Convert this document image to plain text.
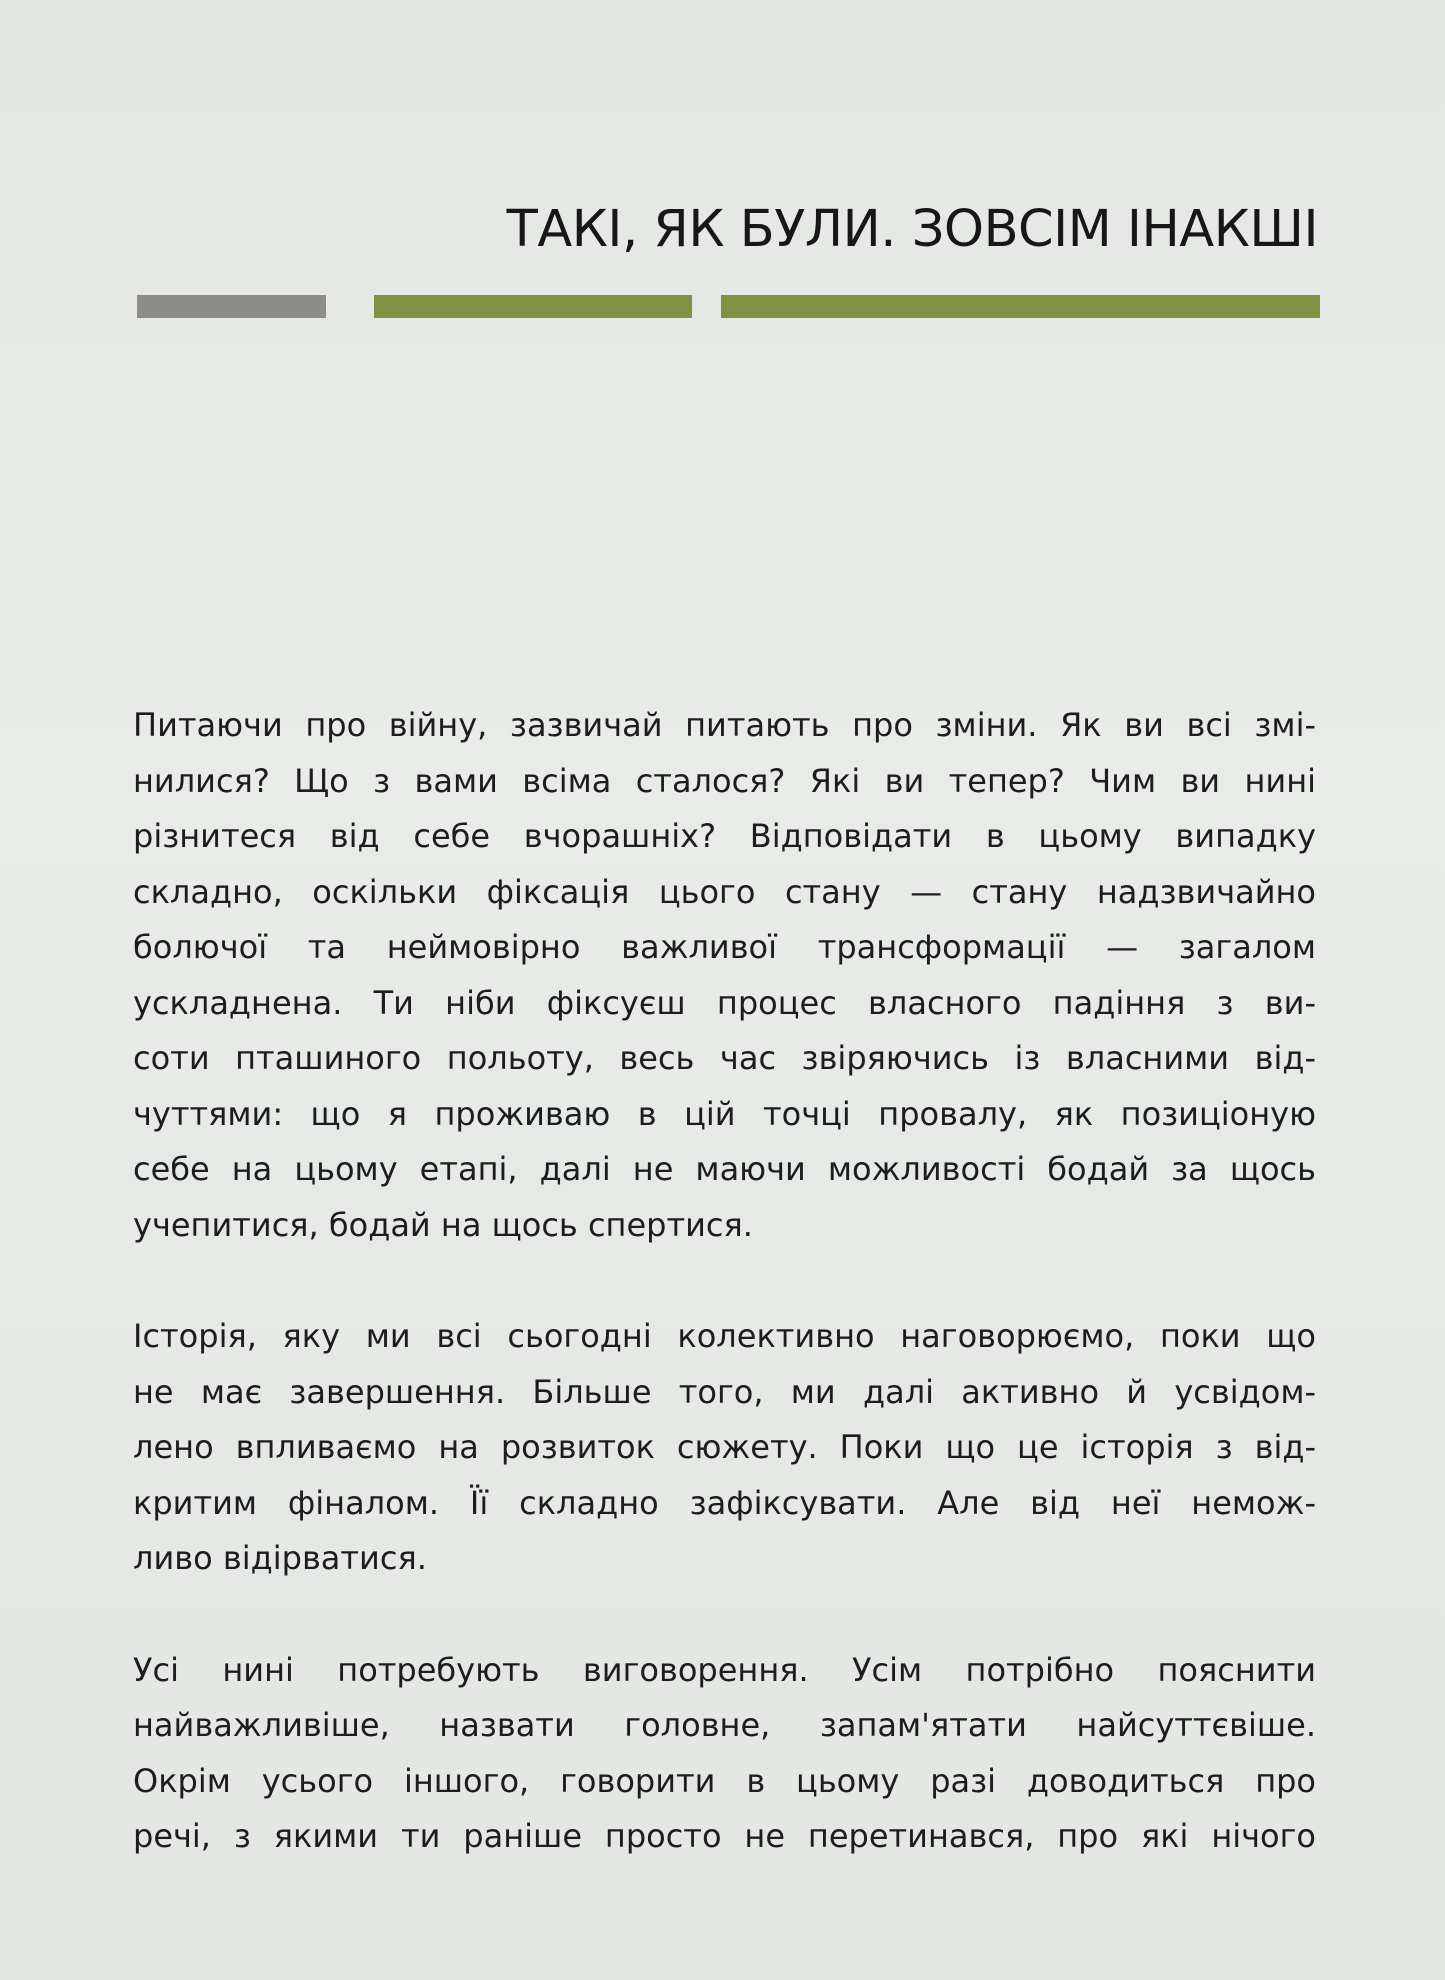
ТАКІ, ЯК БУЛИ. ЗОВСІМ ІНАКШІ

Питаючи про війну, зазвичай питають про зміни. Як ви всі змі-
нилися? Що з вами всіма сталося? Які ви тепер? Чим ви нині
різнитеся від себе вчорашніх? Відповідати в цьому випадку
складно, оскільки фіксація цього стану — стану надзвичайно
болючої та неймовірно важливої трансформації — загалом
ускладнена. Ти ніби фіксуєш процес власного падіння з ви-
соти пташиного польоту, весь час звіряючись із власними від-
чуттями: що я проживаю в цій точці провалу, як позиціоную
себе на цьому етапі, далі не маючи можливості бодай за щось
учепитися, бодай на щось спертися.

Історія, яку ми всі сьогодні колективно наговорюємо, поки що
не має завершення. Більше того, ми далі активно й усвідом-
лено впливаємо на розвиток сюжету. Поки що це історія з від-
критим фіналом. Її складно зафіксувати. Але від неї немож-
ливо відірватися.

Усі нині потребують виговорення. Усім потрібно пояснити
найважливіше, назвати головне, запам'ятати найсуттєвіше.
Окрім усього іншого, говорити в цьому разі доводиться про
речі, з якими ти раніше просто не перетинався, про які нічого
